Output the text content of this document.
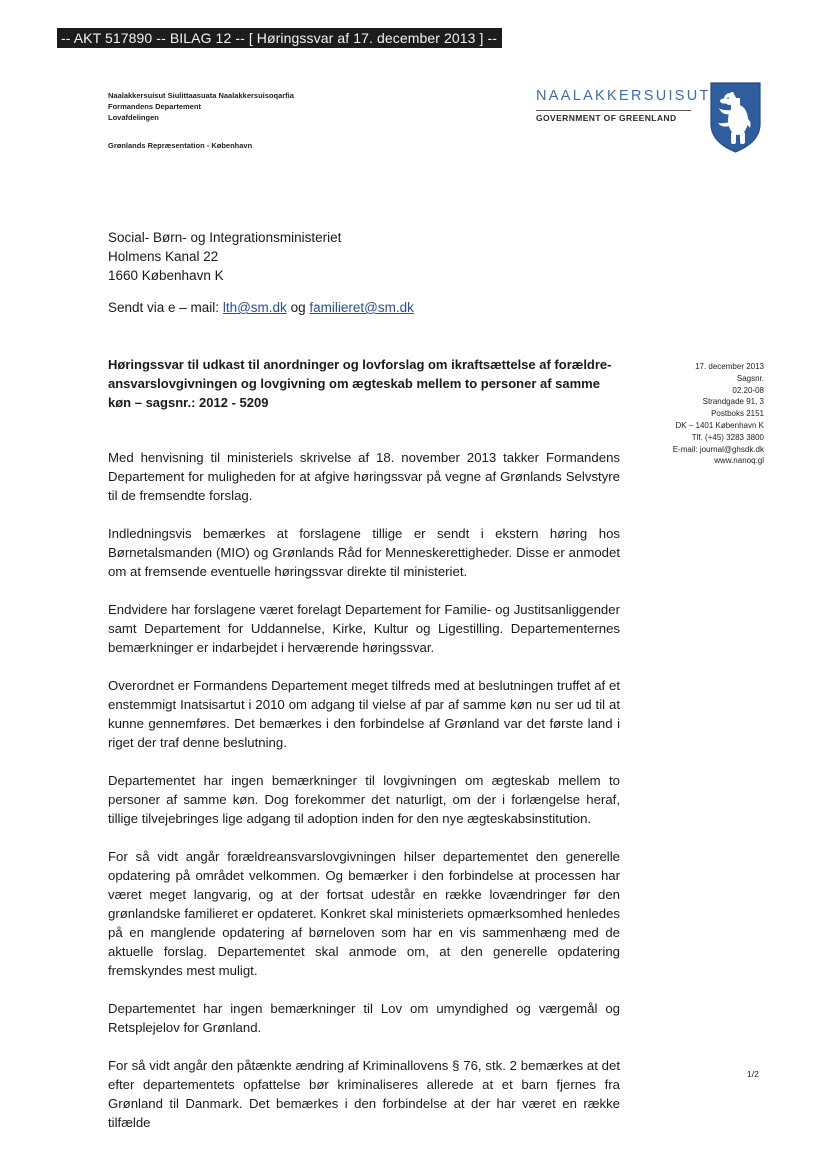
-- AKT 517890 -- BILAG 12 -- [ Høringssvar af 17. december 2013 ] --
Naalakkersuisut Siulittaasuata Naalakkersuisoqarfia
Formandens Departement
Lovafdelingen
Grønlands Repræsentation - København
NAALAKKERSUISUT
GOVERNMENT OF GREENLAND
Social- Børn- og Integrationsministeriet
Holmens Kanal 22
1660 København K
Sendt via e – mail: lth@sm.dk og familieret@sm.dk
Høringssvar til udkast til anordninger og lovforslag om ikraftsættelse af forældre-ansvarslovgivningen og lovgivning om ægteskab mellem to personer af samme køn – sagsnr.: 2012 - 5209
17. december 2013
Sagsnr.
02.20-08
Strandgade 91, 3
Postboks 2151
DK – 1401 København K
Tlf. (+45) 3283 3800
E-mail: journal@ghsdk.dk
www.nanoq.gl

Med henvisning til ministeriels skrivelse af 18. november 2013 takker Formandens Departement for muligheden for at afgive høringssvar på vegne af Grønlands Selvstyre til de fremsendte forslag.

Indledningsvis bemærkes at forslagene tillige er sendt i ekstern høring hos Børnetalsmanden (MIO) og Grønlands Råd for Menneskerettigheder. Disse er anmodet om at fremsende eventuelle høringssvar direkte til ministeriet.

Endvidere har forslagene været forelagt Departement for Familie- og Justitsanliggender samt Departement for Uddannelse, Kirke, Kultur og Ligestilling. Departementernes bemærkninger er indarbejdet i herværende høringssvar.

Overordnet er Formandens Departement meget tilfreds med at beslutningen truffet af et enstemmigt Inatsisartut i 2010 om adgang til vielse af par af samme køn nu ser ud til at kunne gennemføres. Det bemærkes i den forbindelse af Grønland var det første land i riget der traf denne beslutning.

Departementet har ingen bemærkninger til lovgivningen om ægteskab mellem to personer af samme køn. Dog forekommer det naturligt, om der i forlængelse heraf, tillige tilvejebringes lige adgang til adoption inden for den nye ægteskabsinstitution.

For så vidt angår forældreansvarslovgivningen hilser departementet den generelle opdatering på området velkommen. Og bemærker i den forbindelse at processen har været meget langvarig, og at der fortsat udestår en række lovændringer før den grønlandske familieret er opdateret. Konkret skal ministeriets opmærksomhed henledes på en manglende opdatering af børneloven som har en vis sammenhæng med de aktuelle forslag. Departementet skal anmode om, at den generelle opdatering fremskyndes mest muligt.

Departementet har ingen bemærkninger til Lov om umyndighed og værgemål og Retsplejelov for Grønland.

For så vidt angår den påtænkte ændring af Kriminallovens § 76, stk. 2 bemærkes at det efter departementets opfattelse bør kriminaliseres allerede at et barn fjernes fra Grønland til Danmark. Det bemærkes i den forbindelse at der har været en række tilfælde

1/2
